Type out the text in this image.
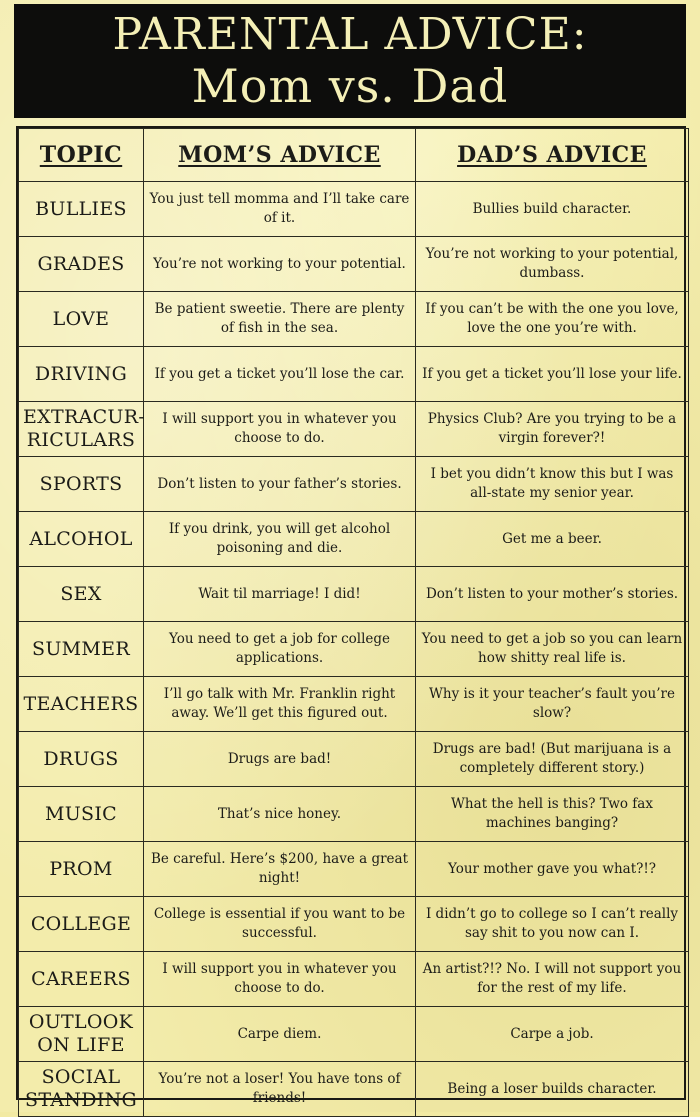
PARENTAL ADVICE:
Mom vs. Dad
TOPIC	MOM’S ADVICE	DAD’S ADVICE
BULLIES	You just tell momma and I’ll take care of it.	Bullies build character.
GRADES	You’re not working to your potential.	You’re not working to your potential, dumbass.
LOVE	Be patient sweetie. There are plenty of fish in the sea.	If you can’t be with the one you love, love the one you’re with.
DRIVING	If you get a ticket you’ll lose the car.	If you get a ticket you’ll lose your life.
EXTRACUR-RICULARS	I will support you in whatever you choose to do.	Physics Club? Are you trying to be a virgin forever?!
SPORTS	Don’t listen to your father’s stories.	I bet you didn’t know this but I was all-state my senior year.
ALCOHOL	If you drink, you will get alcohol poisoning and die.	Get me a beer.
SEX	Wait til marriage! I did!	Don’t listen to your mother’s stories.
SUMMER	You need to get a job for college applications.	You need to get a job so you can learn how shitty real life is.
TEACHERS	I’ll go talk with Mr. Franklin right away. We’ll get this figured out.	Why is it your teacher’s fault you’re slow?
DRUGS	Drugs are bad!	Drugs are bad! (But marijuana is a completely different story.)
MUSIC	That’s nice honey.	What the hell is this? Two fax machines banging?
PROM	Be careful. Here’s $200, have a great night!	Your mother gave you what?!?
COLLEGE	College is essential if you want to be successful.	I didn’t go to college so I can’t really say shit to you now can I.
CAREERS	I will support you in whatever you choose to do.	An artist?!? No. I will not support you for the rest of my life.
OUTLOOK ON LIFE	Carpe diem.	Carpe a job.
SOCIAL STANDING	You’re not a loser! You have tons of friends!	Being a loser builds character.
